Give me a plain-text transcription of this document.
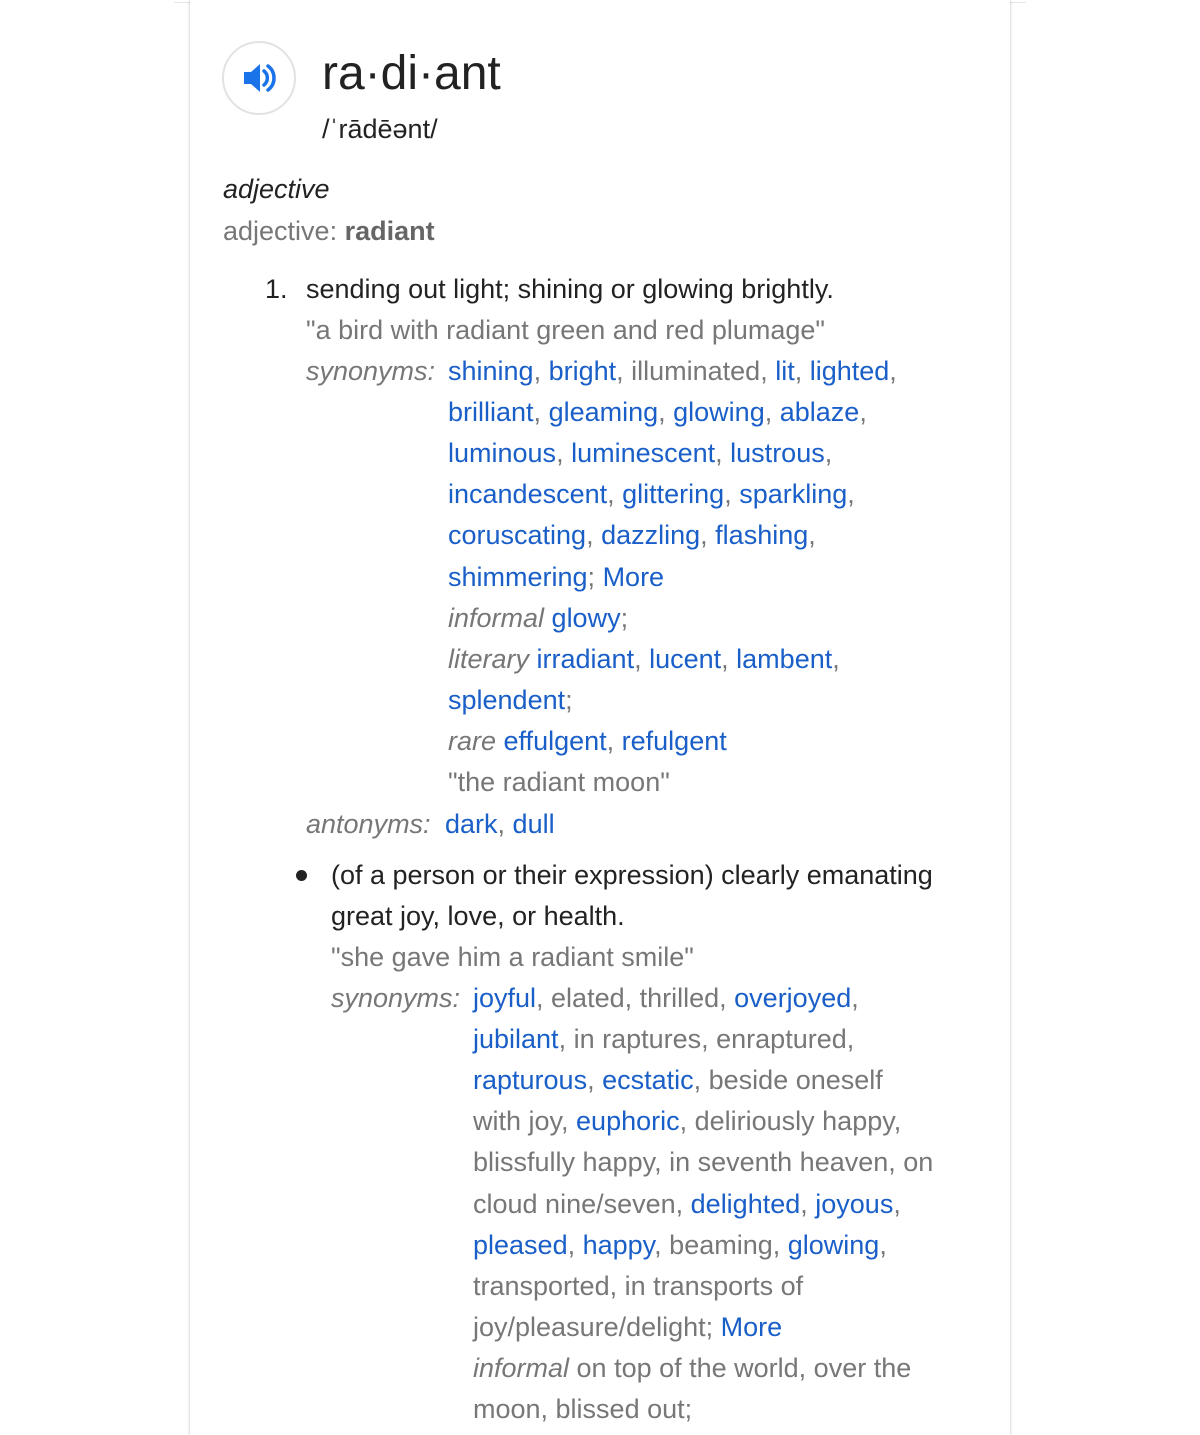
ra·di·ant
/ˈrādēənt/
adjective
adjective: radiant
1. sending out light; shining or glowing brightly.
"a bird with radiant green and red plumage"
synonyms: shining, bright, illuminated, lit, lighted,
brilliant, gleaming, glowing, ablaze,
luminous, luminescent, lustrous,
incandescent, glittering, sparkling,
coruscating, dazzling, flashing,
shimmering; More
informal glowy;
literary irradiant, lucent, lambent,
splendent;
rare effulgent, refulgent
"the radiant moon"
antonyms: dark, dull
(of a person or their expression) clearly emanating
great joy, love, or health.
"she gave him a radiant smile"
synonyms: joyful, elated, thrilled, overjoyed,
jubilant, in raptures, enraptured,
rapturous, ecstatic, beside oneself
with joy, euphoric, deliriously happy,
blissfully happy, in seventh heaven, on
cloud nine/seven, delighted, joyous,
pleased, happy, beaming, glowing,
transported, in transports of
joy/pleasure/delight; More
informal on top of the world, over the
moon, blissed out;
